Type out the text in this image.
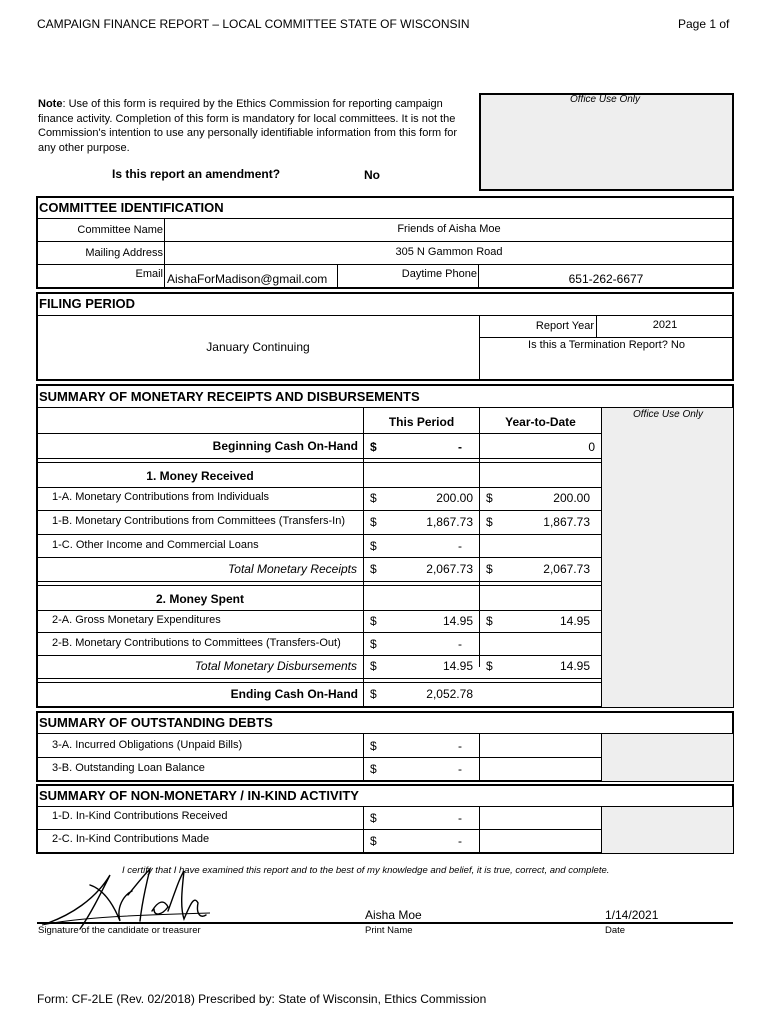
CAMPAIGN FINANCE REPORT – LOCAL COMMITTEE STATE OF WISCONSIN	Page 1 of
Note: Use of this form is required by the Ethics Commission for reporting campaign
finance activity. Completion of this form is mandatory for local committees. It is not the
Commission's intention to use any personally identifiable information from this form for
any other purpose.
Office Use Only
Is this report an amendment?	No
COMMITTEE IDENTIFICATION
Committee Name	Friends of Aisha Moe
Mailing Address	305 N Gammon Road
Email AishaForMadison@gmail.com	Daytime Phone	651-262-6677
FILING PERIOD
January Continuing
Report Year	2021
Is this a Termination Report? No
SUMMARY OF MONETARY RECEIPTS AND DISBURSEMENTS
Office Use Only
This Period	Year-to-Date
Beginning Cash On-Hand $	-	0
1. Money Received
1-A. Monetary Contributions from Individuals	$	200.00 $	200.00
1-B. Monetary Contributions from Committees (Transfers-In) $	1,867.73 $	1,867.73
1-C. Other Income and Commercial Loans	$	-
Total Monetary Receipts $	2,067.73 $	2,067.73
2. Money Spent
2-A. Gross Monetary Expenditures	$	14.95 $	14.95
2-B. Monetary Contributions to Committees (Transfers-Out) $	-
Total Monetary Disbursements $	14.95 $	14.95
Ending Cash On-Hand $	2,052.78
SUMMARY OF OUTSTANDING DEBTS
3-A. Incurred Obligations (Unpaid Bills)	$	-
3-B. Outstanding Loan Balance	$	-
SUMMARY OF NON-MONETARY / IN-KIND ACTIVITY
1-D. In-Kind Contributions Received	$	-
2-C. In-Kind Contributions Made	$	-
I certify that I have examined this report and to the best of my knowledge and belief, it is true, correct, and complete.
Aisha Moe	1/14/2021
Signature of the candidate or treasurer	Print Name	Date
Form: CF-2LE (Rev. 02/2018) Prescribed by: State of Wisconsin, Ethics Commission
